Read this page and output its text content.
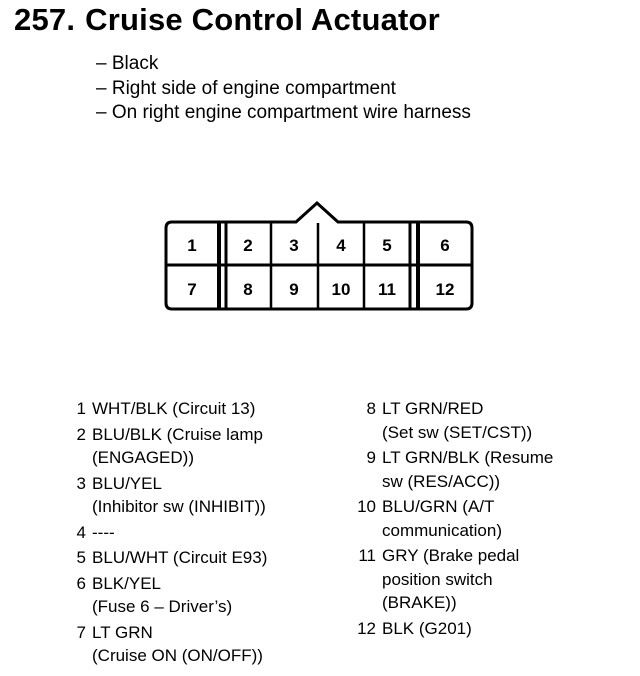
257. Cruise Control Actuator
– Black
– Right side of engine compartment
– On right engine compartment wire harness
1	2 3 4 5	6
7	8 9 10 11 12
1 WHT/BLK (Circuit 13)
2 BLU/BLK (Cruise lamp
(ENGAGED))
3 BLU/YEL
(Inhibitor sw (INHIBIT))
4 ----
5 BLU/WHT (Circuit E93)
6 BLK/YEL
(Fuse 6 – Driver’s)
7 LT GRN
(Cruise ON (ON/OFF))
8 LT GRN/RED
(Set sw (SET/CST))
9 LT GRN/BLK (Resume
sw (RES/ACC))
10 BLU/GRN (A/T
communication)
11 GRY (Brake pedal
position switch
(BRAKE))
12 BLK (G201)
